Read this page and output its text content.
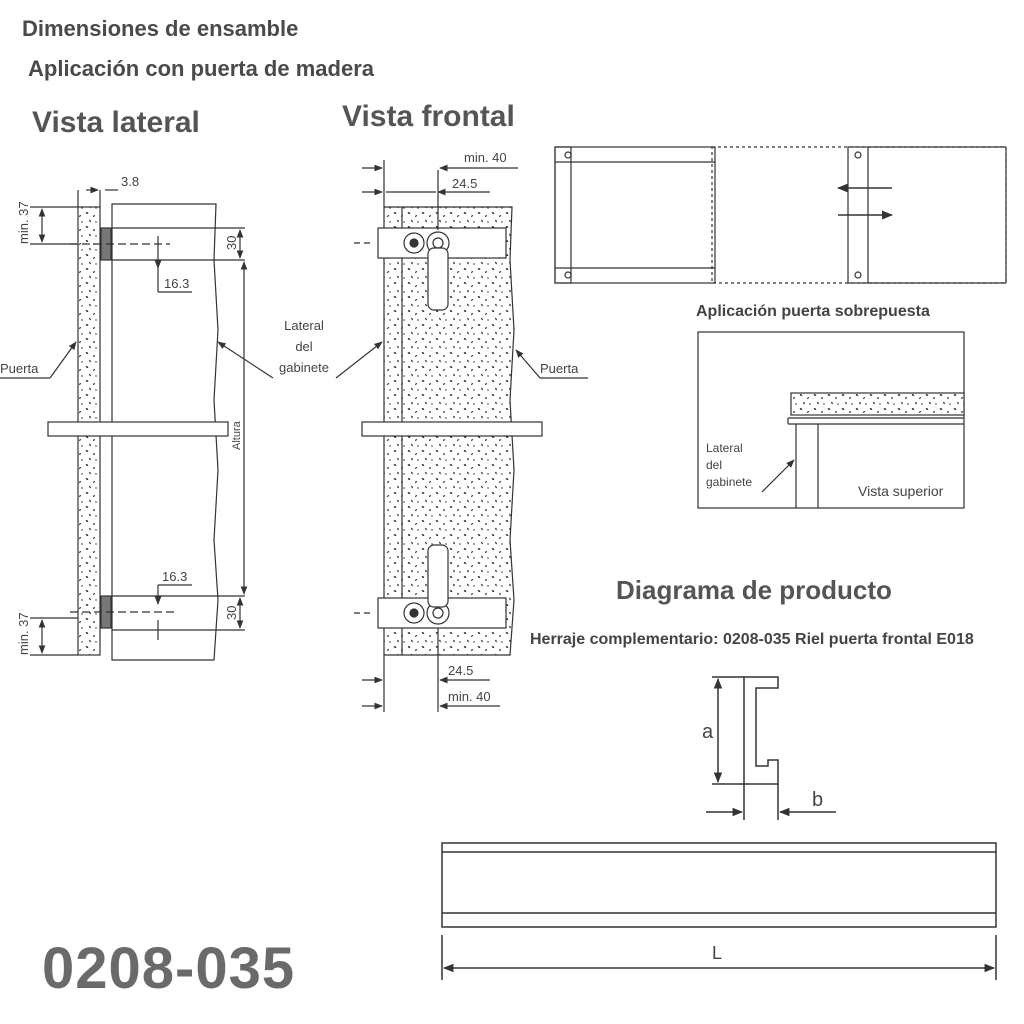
Dimensiones de ensamble
Aplicación con puerta de madera
Vista lateral	Vista frontal
Aplicación puerta sobrepuesta
Diagrama de producto
Herraje complementario: 0208-035 Riel puerta frontal E018
0208-035
3.8
min. 37	30
16.3
16.3
30
min. 37
Puerta
Altura
min. 40
24.5
24.5
min. 40
Lateral
del
gabinete	Puerta
Lateral
del
gabinete
Vista superior
a
b
L
